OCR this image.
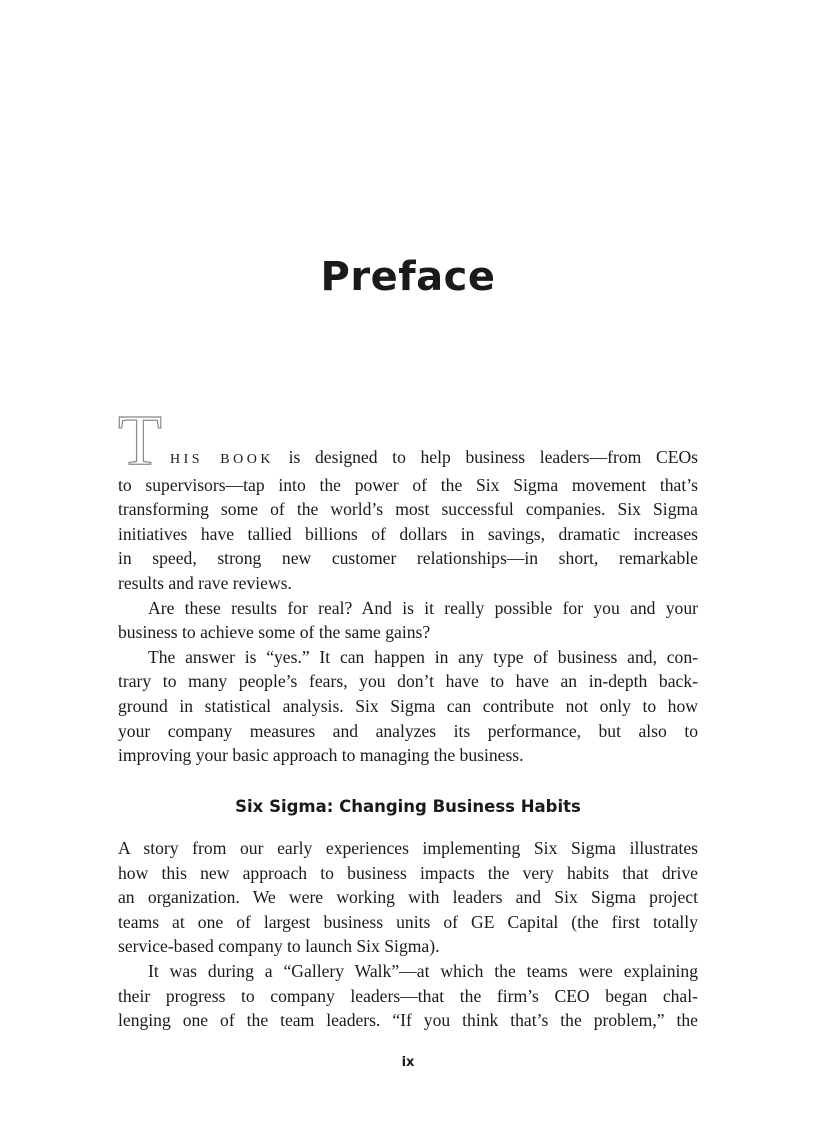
Preface
T HIS BOOK is designed to help business leaders—from CEOs
to supervisors—tap into the power of the Six Sigma movement that’s
transforming some of the world’s most successful companies. Six Sigma
initiatives have tallied billions of dollars in savings, dramatic increases
in speed, strong new customer relationships—in short, remarkable
results and rave reviews.
Are these results for real? And is it really possible for you and your
business to achieve some of the same gains?
The answer is “yes.” It can happen in any type of business and, con-
trary to many people’s fears, you don’t have to have an in-depth back-
ground in statistical analysis. Six Sigma can contribute not only to how
your company measures and analyzes its performance, but also to
improving your basic approach to managing the business.
Six Sigma: Changing Business Habits
A story from our early experiences implementing Six Sigma illustrates
how this new approach to business impacts the very habits that drive
an organization. We were working with leaders and Six Sigma project
teams at one of largest business units of GE Capital (the first totally
service-based company to launch Six Sigma).
It was during a “Gallery Walk”—at which the teams were explaining
their progress to company leaders—that the firm’s CEO began chal-
lenging one of the team leaders. “If you think that’s the problem,” the
ix
